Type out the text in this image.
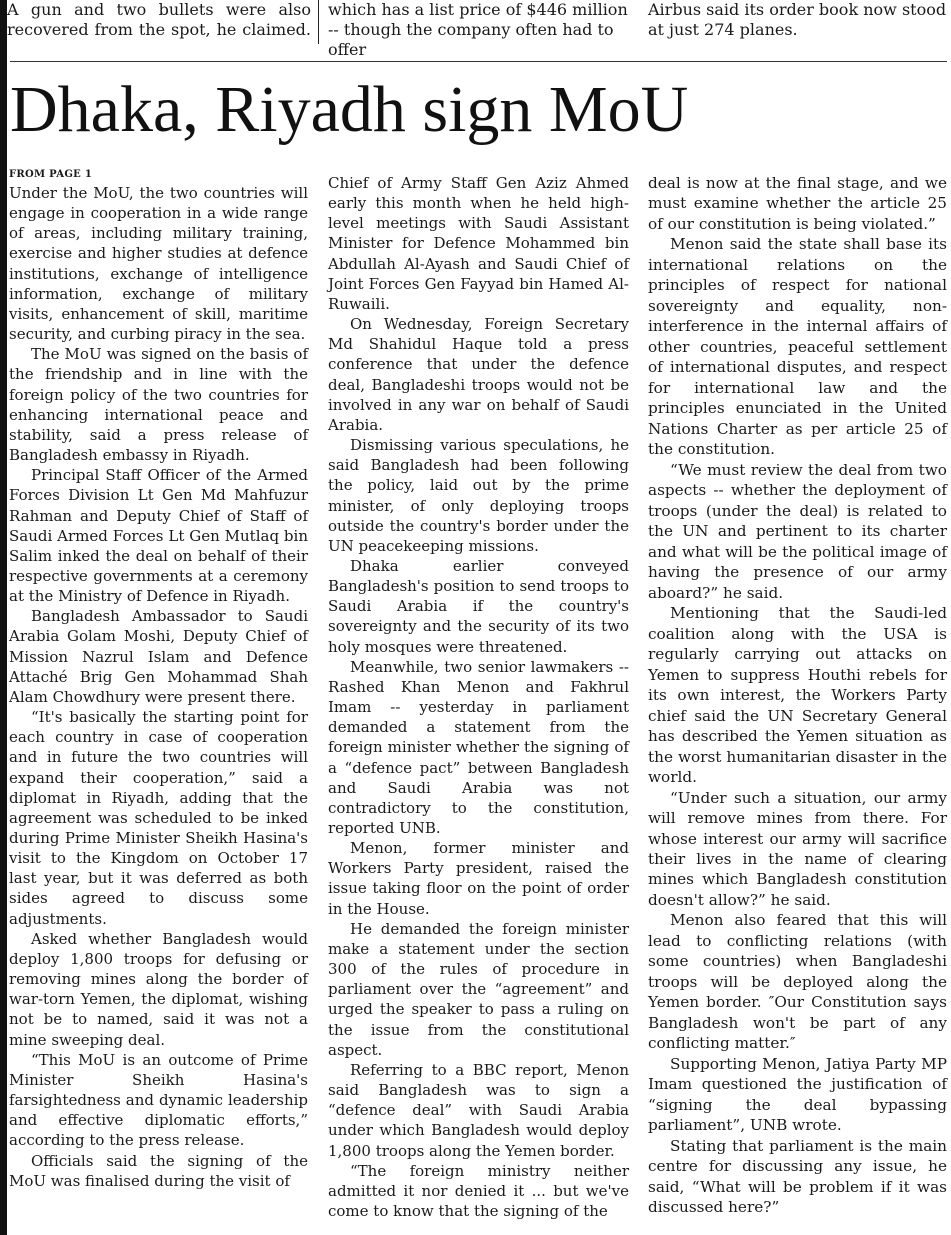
A gun and two bullets were also recovered from the spot, he claimed.

which has a list price of $446 million -- though the company often had to offer

Airbus said its order book now stood at just 274 planes.

Dhaka, Riyadh sign MoU
FROM PAGE 1

Under the MoU, the two countries will engage in cooperation in a wide range of areas, including military training, exercise and higher studies at defence institutions, exchange of intelligence information, exchange of military visits, enhancement of skill, maritime security, and curbing piracy in the sea.

The MoU was signed on the basis of the friendship and in line with the foreign policy of the two countries for enhancing international peace and stability, said a press release of Bangladesh embassy in Riyadh.

Principal Staff Officer of the Armed Forces Division Lt Gen Md Mahfuzur Rahman and Deputy Chief of Staff of Saudi Armed Forces Lt Gen Mutlaq bin Salim inked the deal on behalf of their respective governments at a ceremony at the Ministry of Defence in Riyadh.

Bangladesh Ambassador to Saudi Arabia Golam Moshi, Deputy Chief of Mission Nazrul Islam and Defence Attaché Brig Gen Mohammad Shah Alam Chowdhury were present there.

“It's basically the starting point for each country in case of cooperation and in future the two countries will expand their cooperation,” said a diplomat in Riyadh, adding that the agreement was scheduled to be inked during Prime Minister Sheikh Hasina's visit to the Kingdom on October 17 last year, but it was deferred as both sides agreed to discuss some adjustments.

Asked whether Bangladesh would deploy 1,800 troops for defusing or removing mines along the border of war-torn Yemen, the diplomat, wishing not be to named, said it was not a mine sweeping deal.

“This MoU is an outcome of Prime Minister Sheikh Hasina's farsightedness and dynamic leadership and effective diplomatic efforts,” according to the press release.

Officials said the signing of the MoU was finalised during the visit of

Chief of Army Staff Gen Aziz Ahmed early this month when he held high-level meetings with Saudi Assistant Minister for Defence Mohammed bin Abdullah Al-Ayash and Saudi Chief of Joint Forces Gen Fayyad bin Hamed Al-Ruwaili.

On Wednesday, Foreign Secretary Md Shahidul Haque told a press conference that under the defence deal, Bangladeshi troops would not be involved in any war on behalf of Saudi Arabia.

Dismissing various speculations, he said Bangladesh had been following the policy, laid out by the prime minister, of only deploying troops outside the country's border under the UN peacekeeping missions.

Dhaka earlier conveyed Bangladesh's position to send troops to Saudi Arabia if the country's sovereignty and the security of its two holy mosques were threatened.

Meanwhile, two senior lawmakers -- Rashed Khan Menon and Fakhrul Imam -- yesterday in parliament demanded a statement from the foreign minister whether the signing of a “defence pact” between Bangladesh and Saudi Arabia was not contradictory to the constitution, reported UNB.

Menon, former minister and Workers Party president, raised the issue taking floor on the point of order in the House.

He demanded the foreign minister make a statement under the section 300 of the rules of procedure in parliament over the “agreement” and urged the speaker to pass a ruling on the issue from the constitutional aspect.

Referring to a BBC report, Menon said Bangladesh was to sign a “defence deal” with Saudi Arabia under which Bangladesh would deploy 1,800 troops along the Yemen border.

“The foreign ministry neither admitted it nor denied it ... but we've come to know that the signing of the

deal is now at the final stage, and we must examine whether the article 25 of our constitution is being violated.”

Menon said the state shall base its international relations on the principles of respect for national sovereignty and equality, non-interference in the internal affairs of other countries, peaceful settlement of international disputes, and respect for international law and the principles enunciated in the United Nations Charter as per article 25 of the constitution.

“We must review the deal from two aspects -- whether the deployment of troops (under the deal) is related to the UN and pertinent to its charter and what will be the political image of having the presence of our army aboard?” he said.

Mentioning that the Saudi-led coalition along with the USA is regularly carrying out attacks on Yemen to suppress Houthi rebels for its own interest, the Workers Party chief said the UN Secretary General has described the Yemen situation as the worst humanitarian disaster in the world.

“Under such a situation, our army will remove mines from there. For whose interest our army will sacrifice their lives in the name of clearing mines which Bangladesh constitution doesn't allow?” he said.

Menon also feared that this will lead to conflicting relations (with some countries) when Bangladeshi troops will be deployed along the Yemen border. ″Our Constitution says Bangladesh won't be part of any conflicting matter.″

Supporting Menon, Jatiya Party MP Imam questioned the justification of “signing the deal bypassing parliament”, UNB wrote.

Stating that parliament is the main centre for discussing any issue, he said, “What will be problem if it was discussed here?”
